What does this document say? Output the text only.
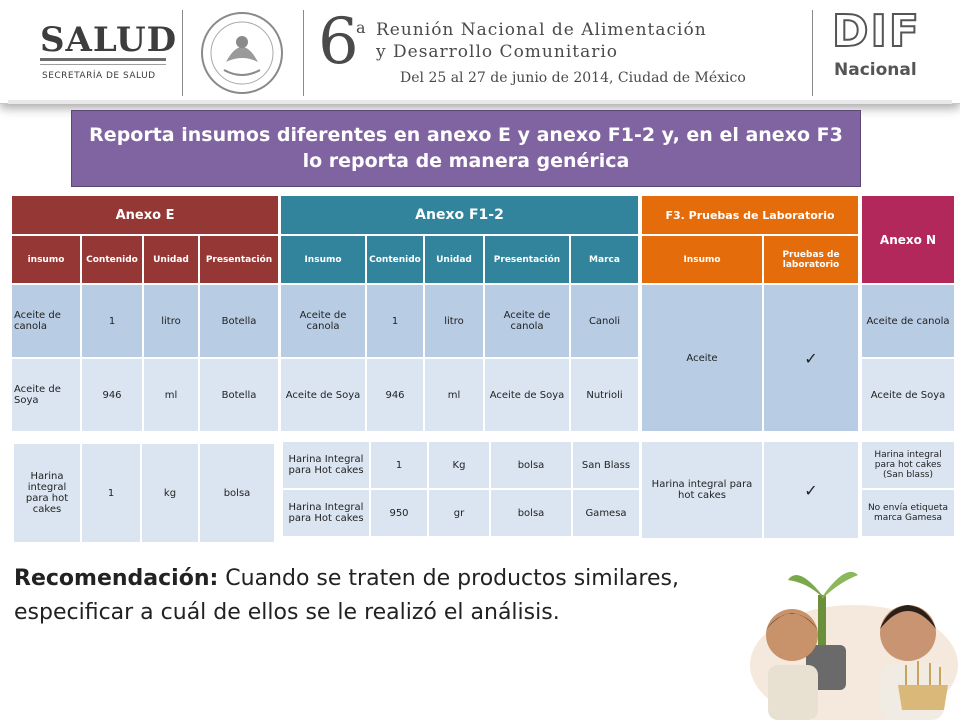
SALUD
SECRETARÍA DE SALUD	6
a Reunión Nacional de Alimentación
y Desarrollo Comunitario
Del 25 al 27 de junio de 2014, Ciudad de México
DIF
Nacional
Reporta insumos diferentes en anexo E y anexo F1-2 y, en el anexo F3
lo reporta de manera genérica
Anexo E			
insumo	Contenido	Unidad	Presentación
Aceite de canola	1	litro	Botella
Aceite de Soya	946	ml	Botella
Harina integral para hot cakes	1	kg	bolsa
Anexo F1-2				
Insumo	Contenido	Unidad	Presentación	Marca
Aceite de canola	1	litro	Aceite de canola	Canoli
Aceite de Soya	946	ml	Aceite de Soya	Nutrioli
Harina Integral para Hot cakes	1	Kg	bolsa	San Blass
Harina Integral para Hot cakes	950	gr	bolsa	Gamesa
F3. Pruebas de Laboratorio	
Insumo	Pruebas de laboratorio
Aceite	✓
Harina integral para hot cakes	✓
Anexo N
Aceite de canola
Aceite de Soya
Harina integral para hot cakes (San blass)
No envía etiqueta marca Gamesa
Recomendación: Cuando se traten de productos similares, especificar a cuál de ellos se le realizó el análisis.
